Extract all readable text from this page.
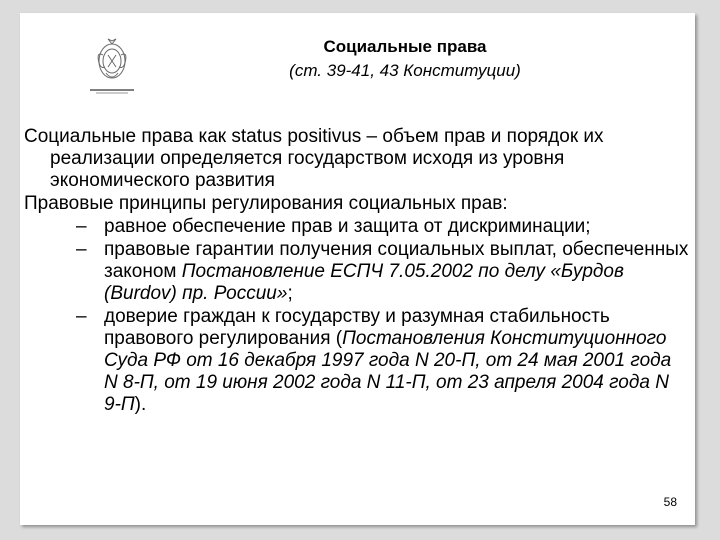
Социальные права
(ст. 39-41, 43 Конституции)

Социальные права как status positivus – объем прав и порядок их реализации определяется государством исходя из уровня экономического развития

Правовые принципы регулирования социальных прав:

– равное обеспечение прав и защита от дискриминации;

– правовые гарантии получения социальных выплат, обеспеченных законом Постановление ЕСПЧ 7.05.2002 по делу «Бурдов (Burdov) пр. России»;

– доверие граждан к государству и разумная стабильность правового регулирования (Постановления Конституционного Суда РФ от 16 декабря 1997 года N 20-П, от 24 мая 2001 года N 8-П, от 19 июня 2002 года N 11-П, от 23 апреля 2004 года N 9-П).

58
